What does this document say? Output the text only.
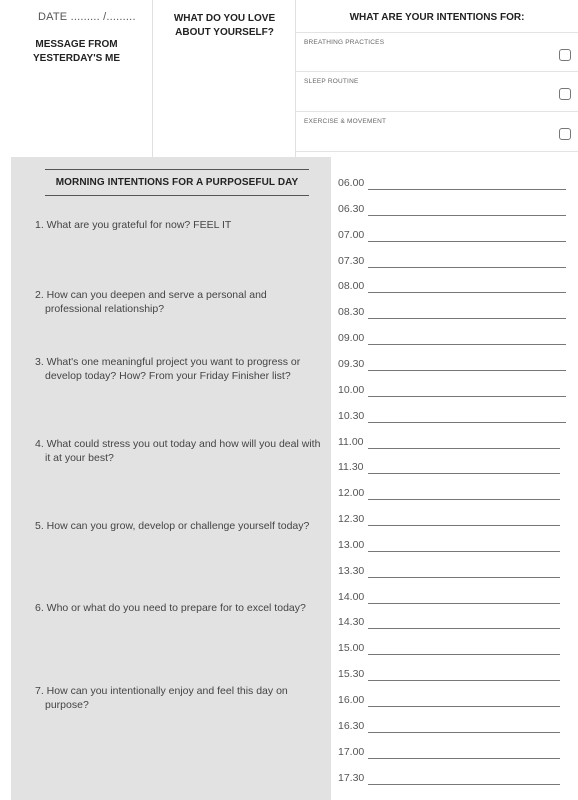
DATE ......... /.........
MESSAGE FROM
YESTERDAY'S ME
WHAT DO YOU LOVE
ABOUT YOURSELF?
WHAT ARE YOUR INTENTIONS FOR:
BREATHING PRACTICES
SLEEP ROUTINE
EXERCISE & MOVEMENT
MORNING INTENTIONS FOR A PURPOSEFUL DAY
1. What are you grateful for now? FEEL IT
2. How can you deepen and serve a personal and professional relationship?
3. What's one meaningful project you want to progress or develop today? How? From your Friday Finisher list?
4. What could stress you out today and how will you deal with it at your best?
5. How can you grow, develop or challenge yourself today?
6. Who or what do you need to prepare for to excel today?
7. How can you intentionally enjoy and feel this day on purpose?
06.00
06.30
07.00
07.30
08.00
08.30
09.00
09.30
10.00
10.30
11.00
11.30
12.00
12.30
13.00
13.30
14.00
14.30
15.00
15.30
16.00
16.30
17.00
17.30
